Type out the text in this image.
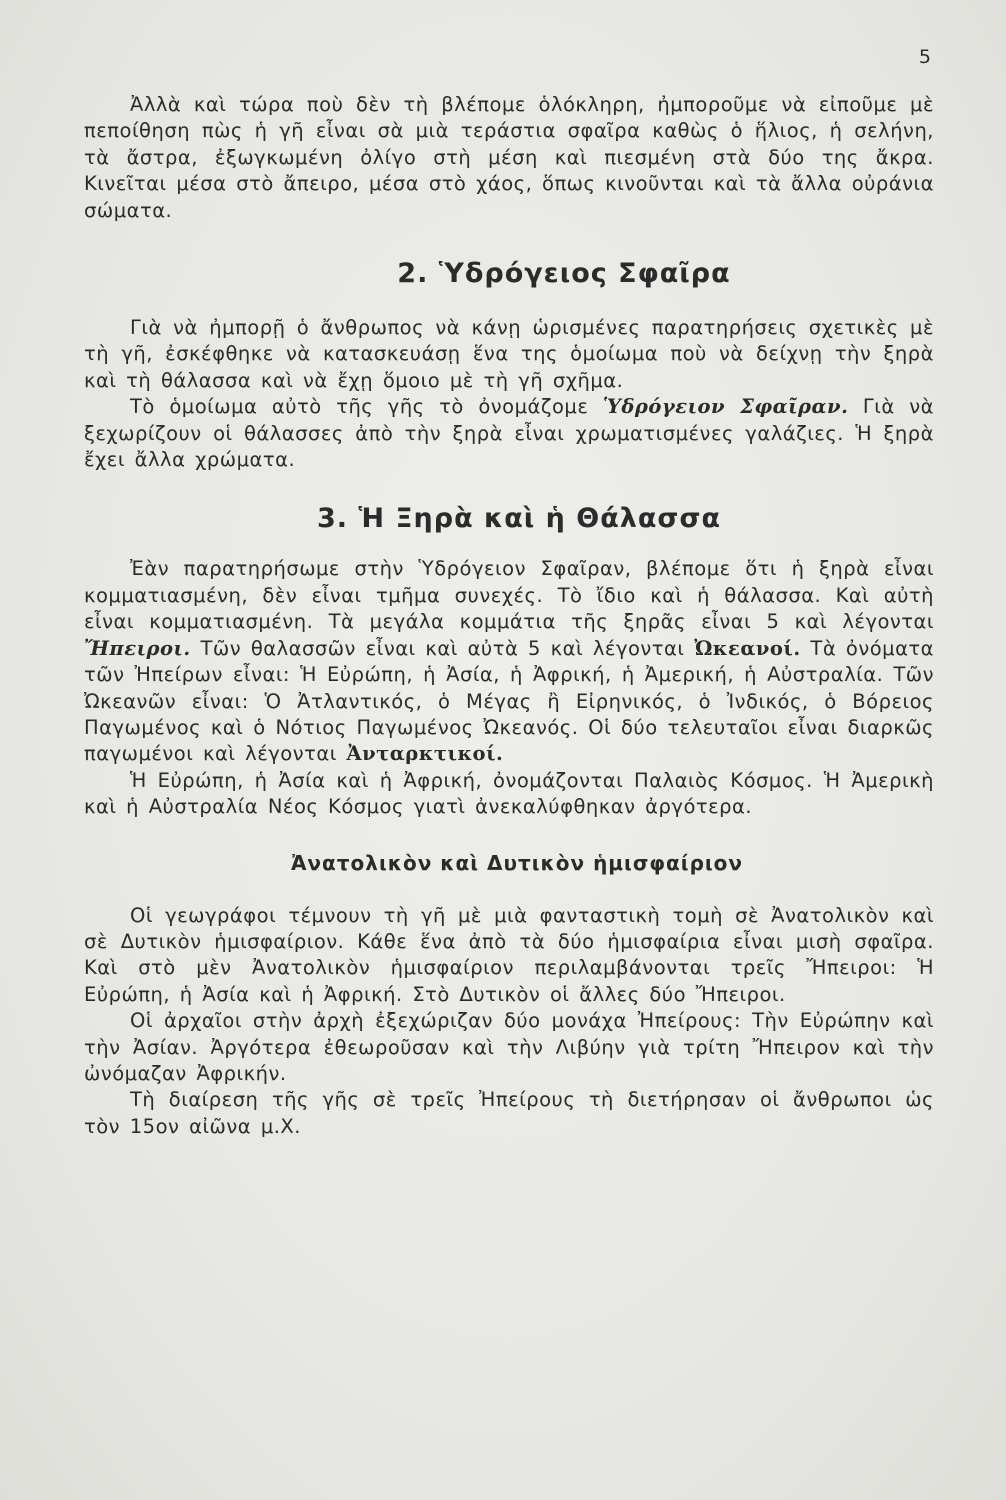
5

Ἀλλὰ καὶ τώρα ποὺ δὲν τὴ βλέπομε ὁλόκληρη, ἠμποροῦμε νὰ εἰποῦμε μὲ πεποίθηση πὼς ἡ γῆ εἶναι σὰ μιὰ τεράστια σφαῖρα καθὼς ὁ ἥλιος, ἡ σελήνη, τὰ ἄστρα, ἐξωγκωμένη ὀλίγο στὴ μέση καὶ πιεσμένη στὰ δύο της ἄκρα. Κινεῖται μέσα στὸ ἄπειρο, μέσα στὸ χάος, ὅπως κινοῦνται καὶ τὰ ἄλλα οὐράνια σώματα.

2. Ὑδρόγειος Σφαῖρα

Γιὰ νὰ ἠμπορῇ ὁ ἄνθρωπος νὰ κάνῃ ὡρισμένες παρατηρήσεις σχετικὲς μὲ τὴ γῆ, ἐσκέφθηκε νὰ κατασκευάσῃ ἕνα της ὁμοίωμα ποὺ νὰ δείχνῃ τὴν ξηρὰ καὶ τὴ θάλασσα καὶ νὰ ἔχῃ ὅμοιο μὲ τὴ γῆ σχῆμα.

Τὸ ὁμοίωμα αὐτὸ τῆς γῆς τὸ ὀνομάζομε Ὑδρόγειον Σφαῖραν. Γιὰ νὰ ξεχωρίζουν οἱ θάλασσες ἀπὸ τὴν ξηρὰ εἶναι χρωματισμένες γαλάζιες. Ἡ ξηρὰ ἔχει ἄλλα χρώματα.

3. Ἡ Ξηρὰ καὶ ἡ Θάλασσα

Ἐὰν παρατηρήσωμε στὴν Ὑδρόγειον Σφαῖραν, βλέπομε ὅτι ἡ ξηρὰ εἶναι κομματιασμένη, δὲν εἶναι τμῆμα συνεχές. Τὸ ἴδιο καὶ ἡ θάλασσα. Καὶ αὐτὴ εἶναι κομματιασμένη. Τὰ μεγάλα κομμάτια τῆς ξηρᾶς εἶναι 5 καὶ λέγονται Ἤπειροι. Τῶν θαλασσῶν εἶναι καὶ αὐτὰ 5 καὶ λέγονται Ὠκεανοί. Τὰ ὀνόματα τῶν Ἠπείρων εἶναι: Ἡ Εὐρώπη, ἡ Ἀσία, ἡ Ἀφρική, ἡ Ἀμερική, ἡ Αὐστραλία. Τῶν Ὠκεανῶν εἶναι: Ὁ Ἀτλαντικός, ὁ Μέγας ἢ Εἰρηνικός, ὁ Ἰνδικός, ὁ Βόρειος Παγωμένος καὶ ὁ Νότιος Παγωμένος Ὠκεανός. Οἱ δύο τελευταῖοι εἶναι διαρκῶς παγωμένοι καὶ λέγονται Ἀνταρκτικοί.

Ἡ Εὐρώπη, ἡ Ἀσία καὶ ἡ Ἀφρική, ὀνομάζονται Παλαιὸς Κόσμος. Ἡ Ἀμερικὴ καὶ ἡ Αὐστραλία Νέος Κόσμος γιατὶ ἀνεκαλύφθηκαν ἀργότερα.

Ἀνατολικὸν καὶ Δυτικὸν ἡμισφαίριον

Οἱ γεωγράφοι τέμνουν τὴ γῆ μὲ μιὰ φανταστικὴ τομὴ σὲ Ἀνατολικὸν καὶ σὲ Δυτικὸν ἡμισφαίριον. Κάθε ἕνα ἀπὸ τὰ δύο ἡμισφαίρια εἶναι μισὴ σφαῖρα. Καὶ στὸ μὲν Ἀνατολικὸν ἡμισφαίριον περιλαμβάνονται τρεῖς Ἤπειροι: Ἡ Εὐρώπη, ἡ Ἀσία καὶ ἡ Ἀφρική. Στὸ Δυτικὸν οἱ ἄλλες δύο Ἤπειροι.

Οἱ ἀρχαῖοι στὴν ἀρχὴ ἐξεχώριζαν δύο μονάχα Ἠπείρους: Τὴν Εὐρώπην καὶ τὴν Ἀσίαν. Ἀργότερα ἐθεωροῦσαν καὶ τὴν Λιβύην γιὰ τρίτη Ἤπειρον καὶ τὴν ὠνόμαζαν Ἀφρικήν.

Τὴ διαίρεση τῆς γῆς σὲ τρεῖς Ἠπείρους τὴ διετήρησαν οἱ ἄνθρωποι ὡς τὸν 15ον αἰῶνα μ.Χ.
